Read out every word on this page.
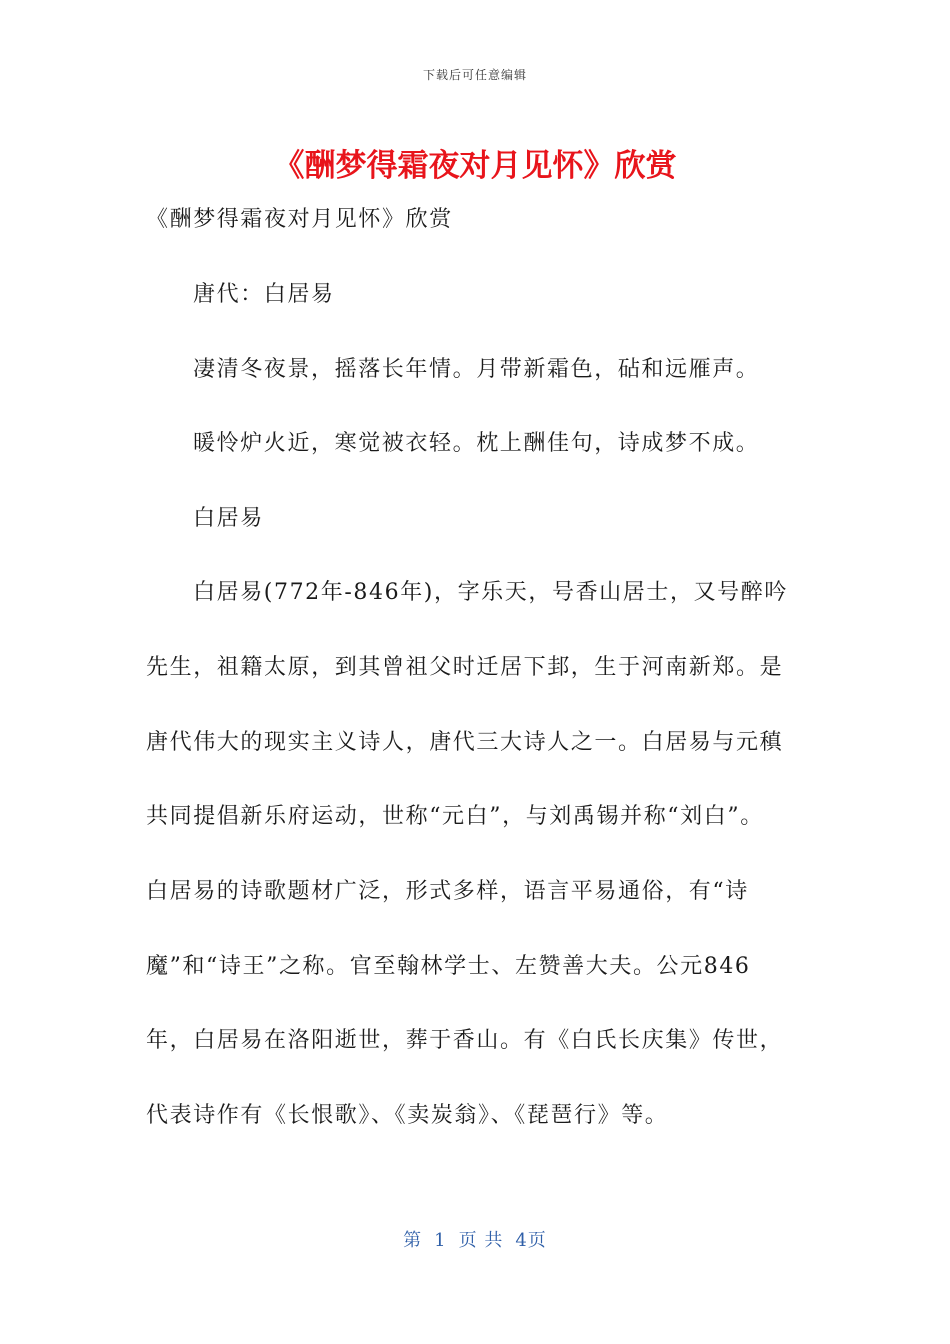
下载后可任意编辑
《酬梦得霜夜对月见怀》欣赏
《酬梦得霜夜对月见怀》欣赏
唐代：白居易
凄清冬夜景，摇落长年情。月带新霜色，砧和远雁声。
暖怜炉火近，寒觉被衣轻。枕上酬佳句，诗成梦不成。
白居易
白居易(772年-846年)，字乐天，号香山居士，又号醉吟
先生，祖籍太原，到其曾祖父时迁居下邽，生于河南新郑。是
唐代伟大的现实主义诗人，唐代三大诗人之一。白居易与元稹
共同提倡新乐府运动，世称“元白”，与刘禹锡并称“刘白”。
白居易的诗歌题材广泛，形式多样，语言平易通俗，有“诗
魔”和“诗王”之称。官至翰林学士、左赞善大夫。公元846
年，白居易在洛阳逝世，葬于香山。有《白氏长庆集》传世，
代表诗作有《长恨歌》、《卖炭翁》、《琵琶行》等。
第 1 页 共 4页
